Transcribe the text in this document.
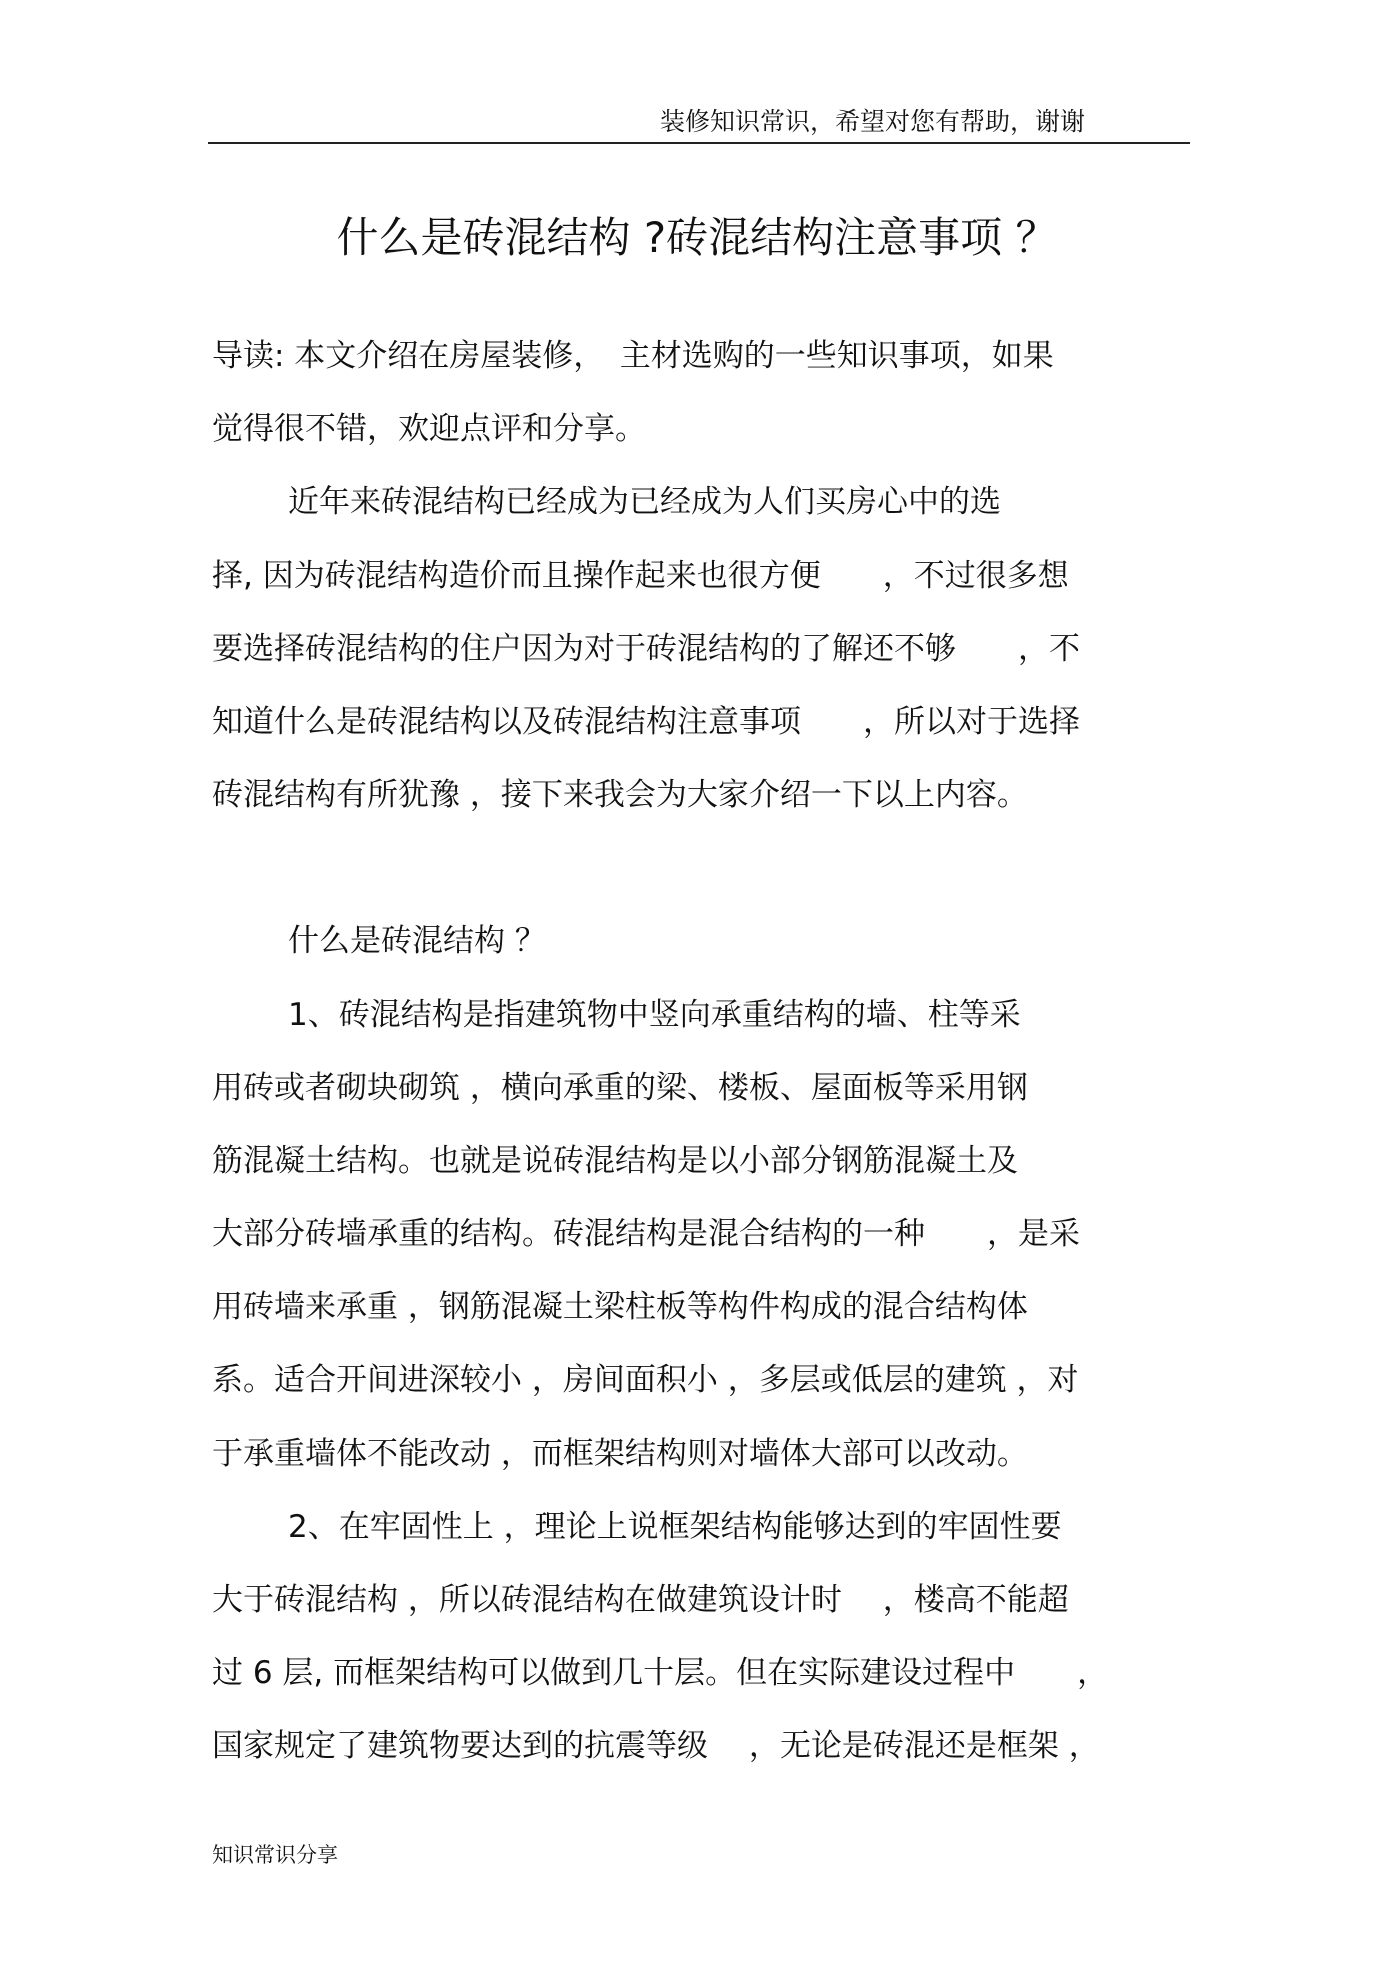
装修知识常识，希望对您有帮助，谢谢
什么是砖混结构 ?砖混结构注意事项 ？
导读: 本文介绍在房屋装修，　主材选购的一些知识事项，如果
觉得很不错，欢迎点评和分享。
近年来砖混结构已经成为已经成为人们买房心中的选
择, 因为砖混结构造价而且操作起来也很方便　　，不过很多想
要选择砖混结构的住户因为对于砖混结构的了解还不够　　，不
知道什么是砖混结构以及砖混结构注意事项　　，所以对于选择
砖混结构有所犹豫 ，接下来我会为大家介绍一下以上内容。
什么是砖混结构 ？
1、砖混结构是指建筑物中竖向承重结构的墙、柱等采
用砖或者砌块砌筑 ，横向承重的梁、楼板、屋面板等采用钢
筋混凝土结构。也就是说砖混结构是以小部分钢筋混凝土及
大部分砖墙承重的结构。砖混结构是混合结构的一种　　，是采
用砖墙来承重 ，钢筋混凝土梁柱板等构件构成的混合结构体
系。适合开间进深较小 ，房间面积小 ，多层或低层的建筑 ，对
于承重墙体不能改动 ，而框架结构则对墙体大部可以改动。
2、在牢固性上 ，理论上说框架结构能够达到的牢固性要
大于砖混结构 ，所以砖混结构在做建筑设计时　 ，楼高不能超
过 6 层, 而框架结构可以做到几十层。但在实际建设过程中　　，
国家规定了建筑物要达到的抗震等级　 ，无论是砖混还是框架 ，
知识常识分享
